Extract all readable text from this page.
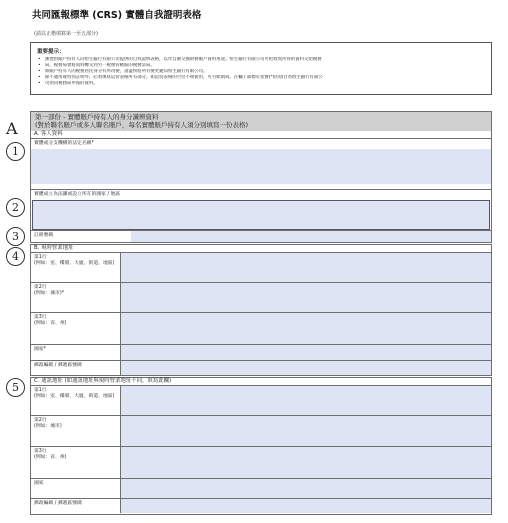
共同匯報標準 (CRS) 實體自我證明表格
(請以正楷填寫第一至五部分)
重要提示：
• 滙豐由賬戶持有人向恒生銀行有限公司提供的自我證明表格，以作自動交換財務賬戶資料用途。恒生銀行有限公司可把收集所得的資料交給稅務
• 局，稅務局會將資料轉交到另一稅務管轄區的稅務當局。
• 如賬戶持有人的稅務居民身分有所改變，請盡快將所有變更通知恒生銀行有限公司。
• 除不適用或特別註明外，必須填寫這份表格所有部分。如這份表格的空位不夠使用，可另紙填寫。在欄 / 部標有星號(*)的項目為恒生銀行有限公
• 司須向稅務局申報的資料。
A
1
2
3
4
5
第一部份 - 實體賬戶持有人的身分識辨資料
(對於聯名賬戶或多人聯名賬戶，每名實體賬戶持有人須分別填寫一份表格)
A. 客人資料
實體或分支機構的法定名稱*
實體成立為法團或設立所在的國家 / 地區
註冊號碼
B. 現時營業地址
第1行
(例如：室、樓層、大廈、街道、地區)
第2行
(例如：城市)*
第3行
(例如：省、州)
國家*
郵政編碼 / 郵遞區號碼
C. 通訊地址 (如通訊地址與現時營業地址不同，填寫此欄)
第1行
(例如：室、樓層、大廈、街道、地區)
第2行
(例如：城市)
第3行
(例如：省、州)
國家
郵政編碼 / 郵遞區號碼
